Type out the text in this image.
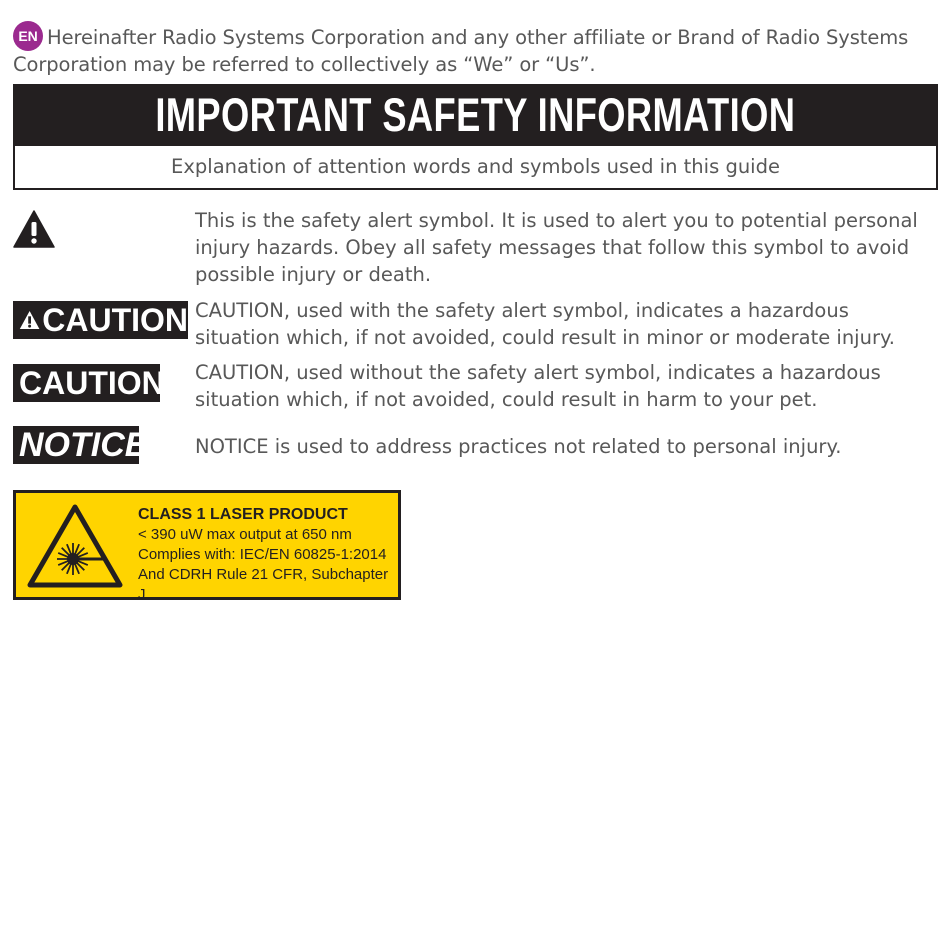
EN Hereinafter Radio Systems Corporation and any other affiliate or Brand of Radio Systems Corporation may be referred to collectively as “We” or “Us”.
IMPORTANT SAFETY INFORMATION
Explanation of attention words and symbols used in this guide
This is the safety alert symbol. It is used to alert you to potential personal injury hazards. Obey all safety messages that follow this symbol to avoid possible injury or death.
CAUTION CAUTION, used with the safety alert symbol, indicates a hazardous situation which, if not avoided, could result in minor or moderate injury.
CAUTION CAUTION, used without the safety alert symbol, indicates a hazardous situation which, if not avoided, could result in harm to your pet.
NOTICE NOTICE is used to address practices not related to personal injury.
CLASS 1 LASER PRODUCT
< 390 uW max output at 650 nm
Complies with: IEC/EN 60825-1:2014
And CDRH Rule 21 CFR, Subchapter J
